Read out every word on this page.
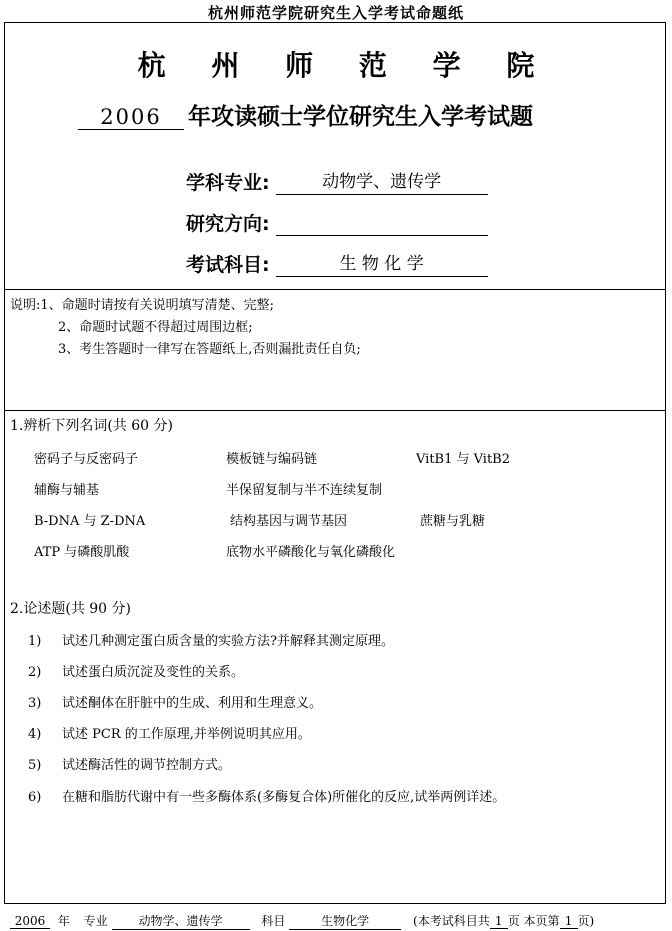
杭州师范学院研究生入学考试命题纸
杭 州 师 范 学 院
2006 年攻读硕士学位研究生入学考试题
学科专业:	动物学、遗传学
研究方向:
考试科目:	生 物 化 学
说明:1、命题时请按有关说明填写清楚、完整;
2、命题时试题不得超过周围边框;
3、考生答题时一律写在答题纸上,否则漏批责任自负;
1.辨析下列名词(共 60 分)
密码子与反密码子	模板链与编码链	VitB1 与 VitB2
辅酶与辅基	半保留复制与半不连续复制
B-DNA 与 Z-DNA	结构基因与调节基因	蔗糖与乳糖
ATP 与磷酸肌酸	底物水平磷酸化与氧化磷酸化
2.论述题(共 90 分)
1) 试述几种测定蛋白质含量的实验方法?并解释其测定原理。
2) 试述蛋白质沉淀及变性的关系。
3) 试述酮体在肝脏中的生成、利用和生理意义。
4) 试述 PCR 的工作原理,并举例说明其应用。
5) 试述酶活性的调节控制方式。
6) 在糖和脂肪代谢中有一些多酶体系(多酶复合体)所催化的反应,试举两例详述。
2006 年 专业	动物学、遗传学	科目	生物化学	(本考试科目共 1 页 本页第 1 页)
